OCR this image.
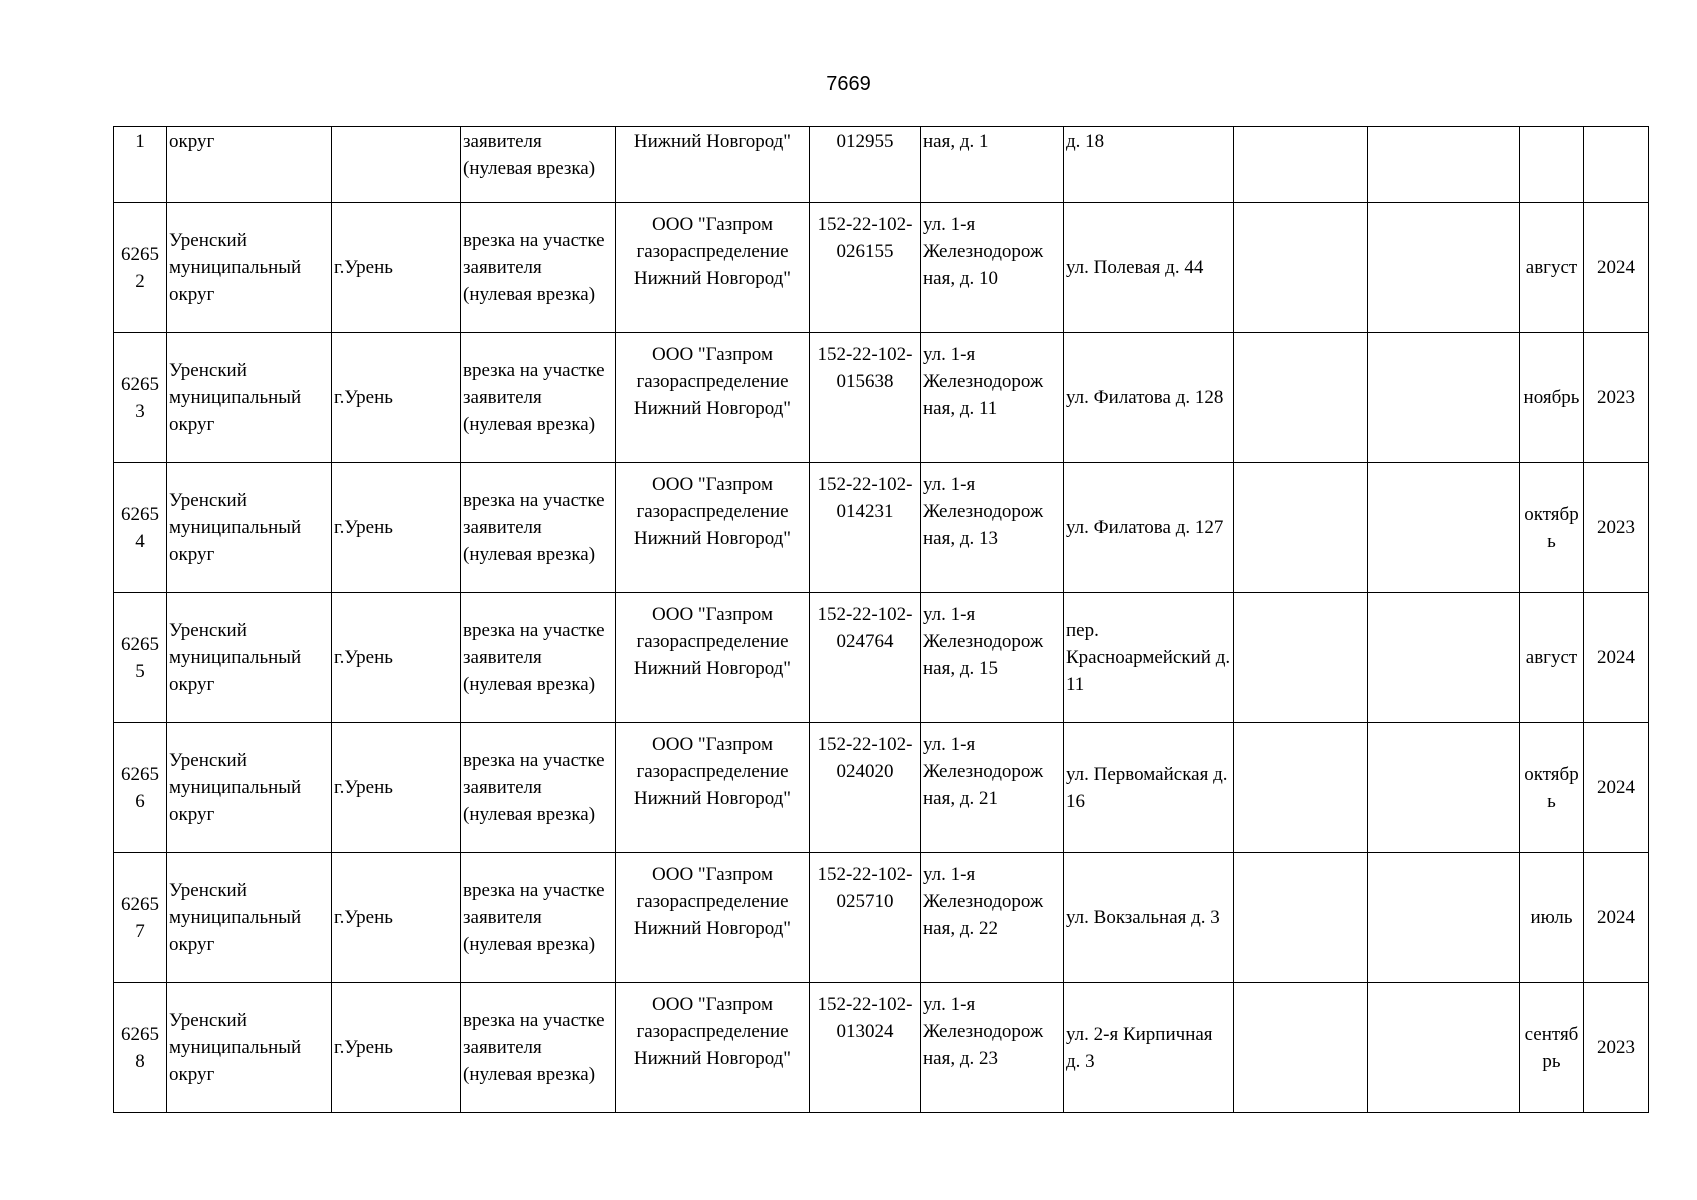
7669
1	округ		заявителя (нулевая врезка)	Нижний Новгород"	012955	ная, д. 1	д. 18				
6265 2	Уренский муниципальный округ	г.Урень	врезка на участке заявителя (нулевая врезка)	ООО "Газпром газораспределение Нижний Новгород"	152-22-102-026155	ул. 1-я Железнодорож ная, д. 10	ул. Полевая д. 44			август	2024
6265 3	Уренский муниципальный округ	г.Урень	врезка на участке заявителя (нулевая врезка)	ООО "Газпром газораспределение Нижний Новгород"	152-22-102-015638	ул. 1-я Железнодорож ная, д. 11	ул. Филатова д. 128			ноябрь	2023
6265 4	Уренский муниципальный округ	г.Урень	врезка на участке заявителя (нулевая врезка)	ООО "Газпром газораспределение Нижний Новгород"	152-22-102-014231	ул. 1-я Железнодорож ная, д. 13	ул. Филатова д. 127			октябр ь	2023
6265 5	Уренский муниципальный округ	г.Урень	врезка на участке заявителя (нулевая врезка)	ООО "Газпром газораспределение Нижний Новгород"	152-22-102-024764	ул. 1-я Железнодорож ная, д. 15	пер. Красноармейский д. 11			август	2024
6265 6	Уренский муниципальный округ	г.Урень	врезка на участке заявителя (нулевая врезка)	ООО "Газпром газораспределение Нижний Новгород"	152-22-102-024020	ул. 1-я Железнодорож ная, д. 21	ул. Первомайская д. 16			октябр ь	2024
6265 7	Уренский муниципальный округ	г.Урень	врезка на участке заявителя (нулевая врезка)	ООО "Газпром газораспределение Нижний Новгород"	152-22-102-025710	ул. 1-я Железнодорож ная, д. 22	ул. Вокзальная д. 3			июль	2024
6265 8	Уренский муниципальный округ	г.Урень	врезка на участке заявителя (нулевая врезка)	ООО "Газпром газораспределение Нижний Новгород"	152-22-102-013024	ул. 1-я Железнодорож ная, д. 23	ул. 2-я Кирпичная д. 3			сентяб рь	2023
